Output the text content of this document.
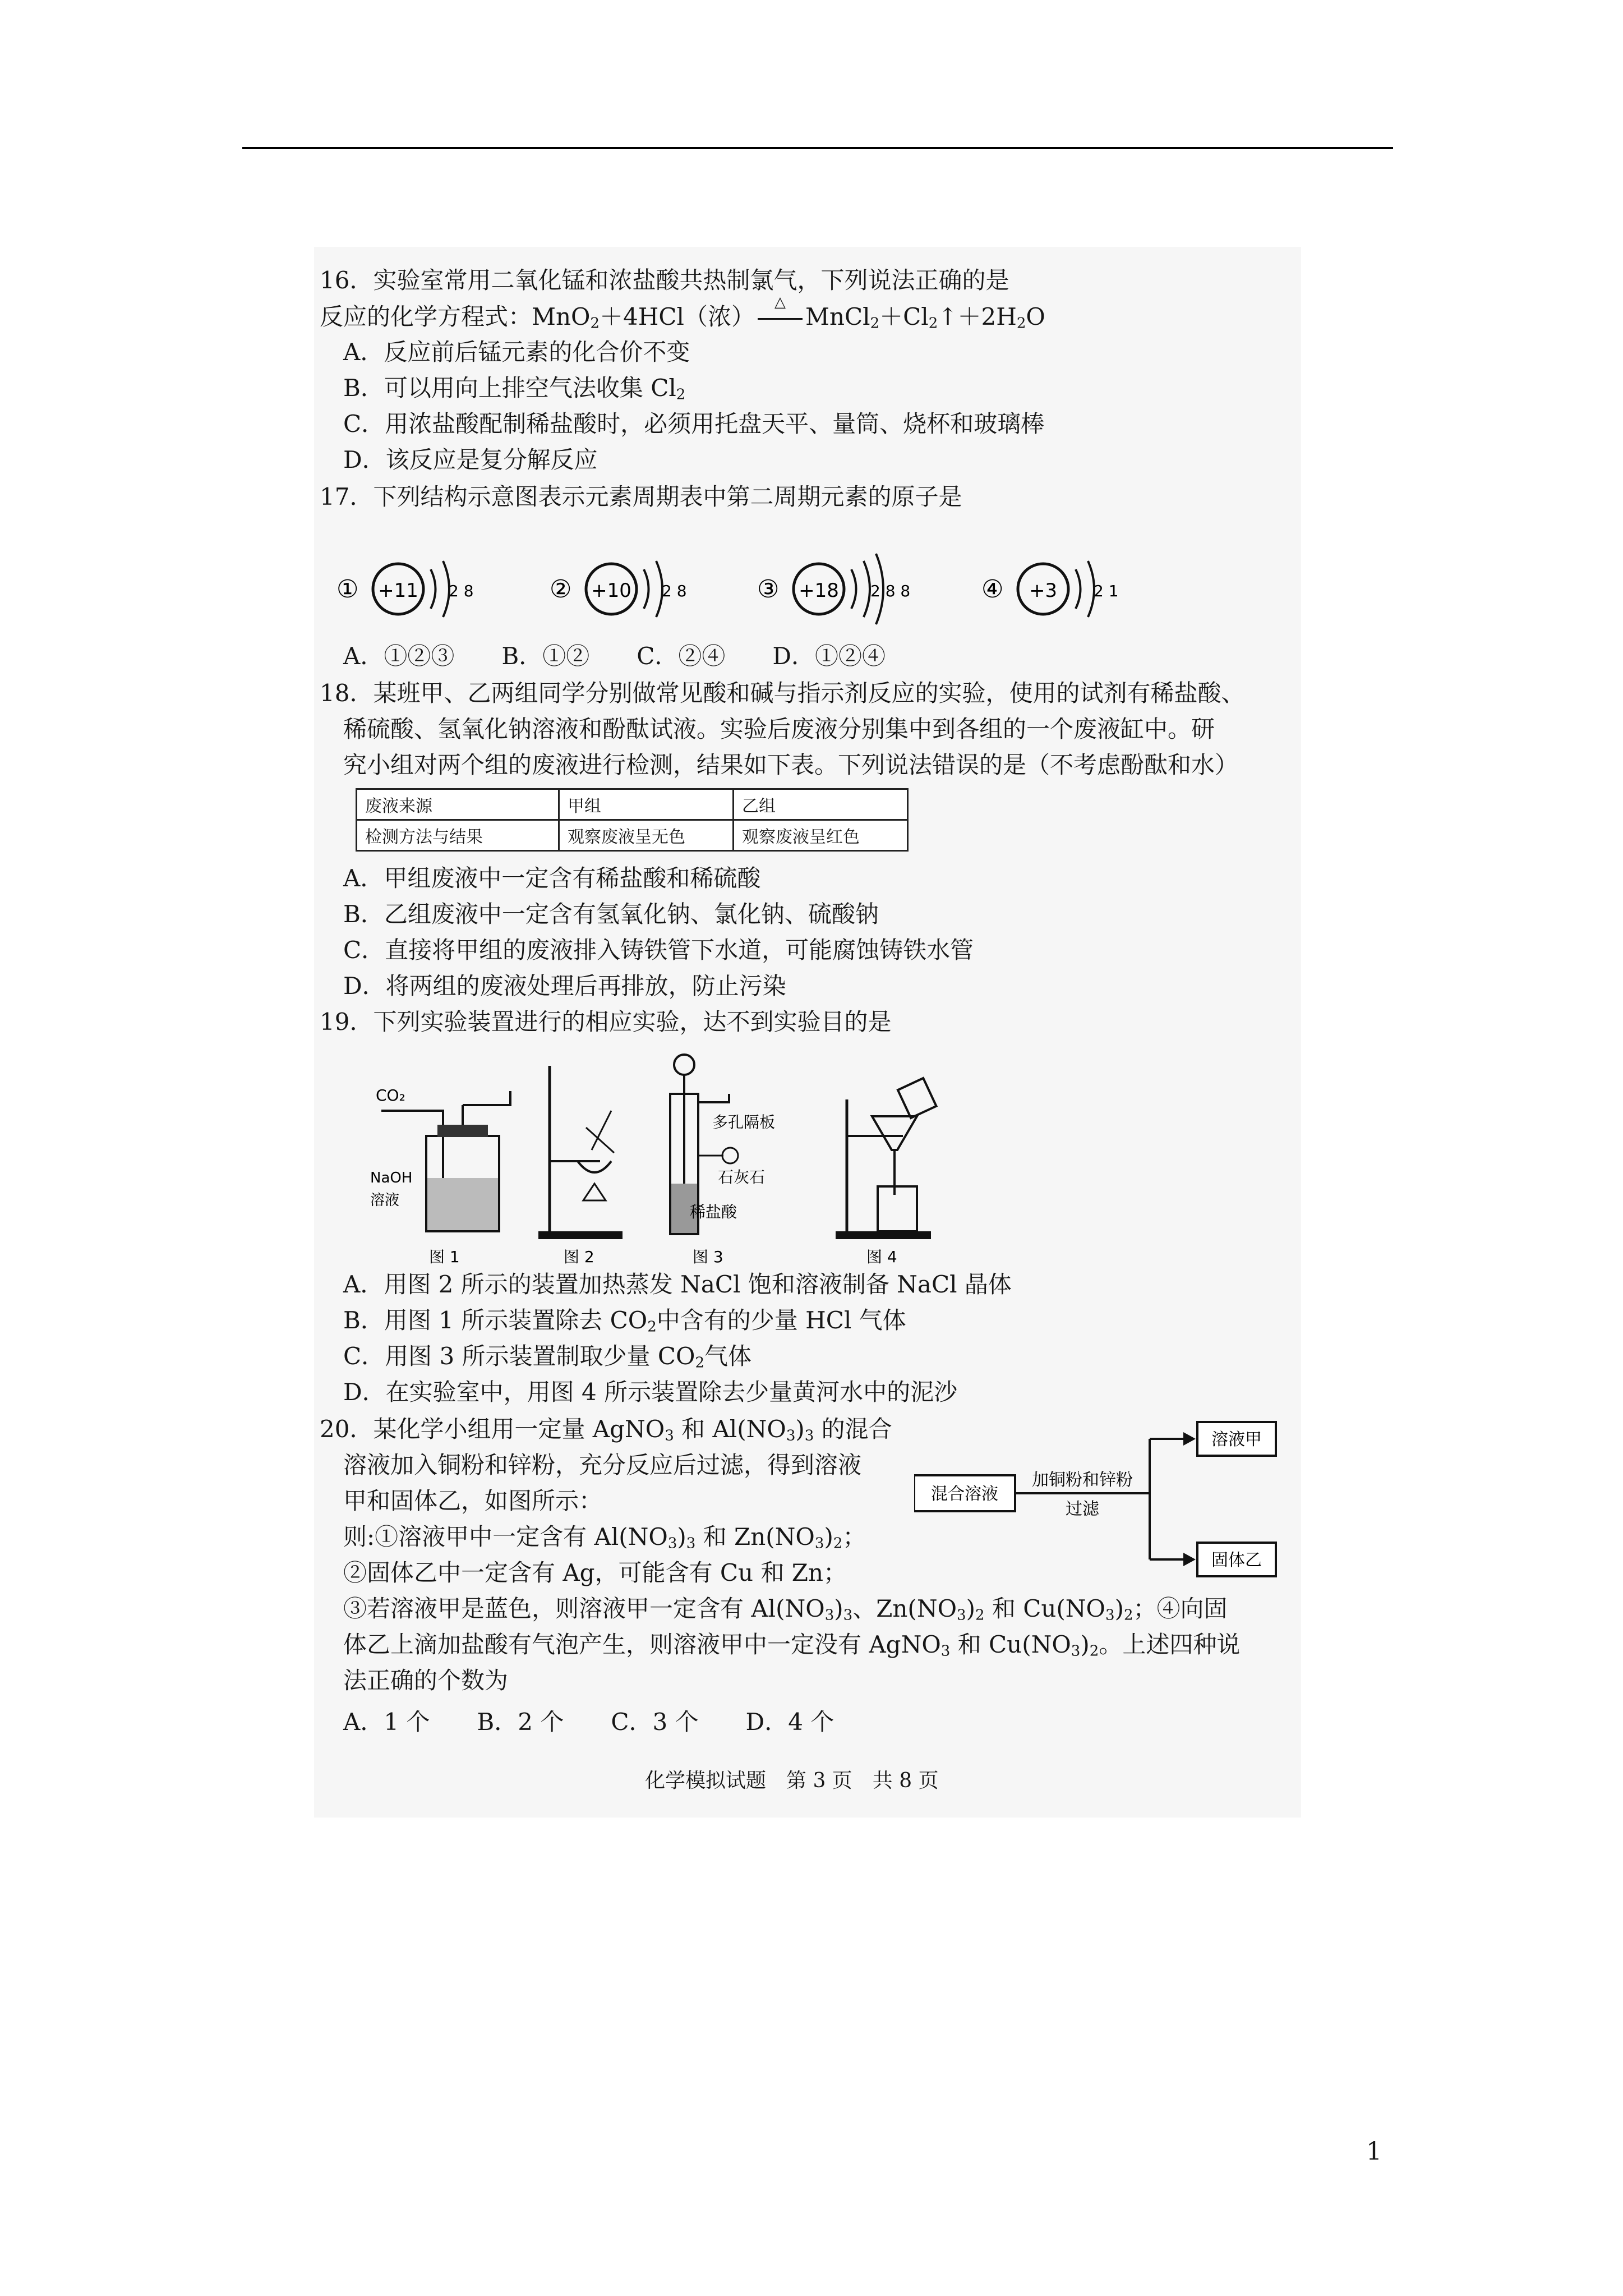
16．实验室常用二氧化锰和浓盐酸共热制氯气，下列说法正确的是
反应的化学方程式：MnO$_2$＋4HCl（浓）
△
$MnCl_2+Cl_2↑+2H_2O$
A．反应前后锰元素的化合价不变
B．可以用向上排空气法收集 $Cl_2$
C．用浓盐酸配制稀盐酸时，必须用托盘天平、量筒、烧杯和玻璃棒
D．该反应是复分解反应
17．下列结构示意图表示元素周期表中第二周期元素的原子是
① +11 2 8	② +10 2 8	③ +18 2 8 8	④ +3 2 1
A．①②③　　B．①②　　C．②④　　D．①②④
18．某班甲、乙两组同学分别做常见酸和碱与指示剂反应的实验，使用的试剂有稀盐酸、
稀硫酸、氢氧化钠溶液和酚酞试液。实验后废液分别集中到各组的一个废液缸中。研
究小组对两个组的废液进行检测，结果如下表。下列说法错误的是（不考虑酚酞和水）
废液来源	甲组	乙组
检测方法与结果	观察废液呈无色	观察废液呈红色
A．甲组废液中一定含有稀盐酸和稀硫酸
B．乙组废液中一定含有氢氧化钠、氯化钠、硫酸钠
C．直接将甲组的废液排入铸铁管下水道，可能腐蚀铸铁水管
D．将两组的废液处理后再排放，防止污染
19．下列实验装置进行的相应实验，达不到实验目的是
CO₂
NaOH
溶液
图 1	图 2
多孔隔板
石灰石
稀盐酸
图 3	图 4
A．用图 2 所示的装置加热蒸发 NaCl 饱和溶液制备 NaCl 晶体
B．用图 1 所示装置除去 $CO_2$中含有的少量 HCl 气体
C．用图 3 所示装置制取少量 $CO_2$气体
D．在实验室中，用图 4 所示装置除去少量黄河水中的泥沙
20．某化学小组用一定量 AgNO$_3$ 和 $Al(NO_3)_3$ 的混合
溶液加入铜粉和锌粉，充分反应后过滤，得到溶液
甲和固体乙，如图所示：
则:①溶液甲中一定含有 $Al(NO_3)_3$ 和 $Zn(NO_3)_2$；
②固体乙中一定含有 Ag，可能含有 Cu 和 Zn；
③若溶液甲是蓝色，则溶液甲一定含有 $Al(NO_3)_3$、$Zn(NO_3)_2$ 和 $Cu(NO_3)_2$；④向固
体乙上滴加盐酸有气泡产生，则溶液甲中一定没有 AgNO$_3$ 和 $Cu(NO_3)_2$。上述四种说
法正确的个数为
A．1 个　　B．2 个　　C．3 个　　D．4 个
混合溶液
加铜粉和锌粉
过滤
溶液甲
固体乙
化学模拟试题　第 3 页　共 8 页
1
